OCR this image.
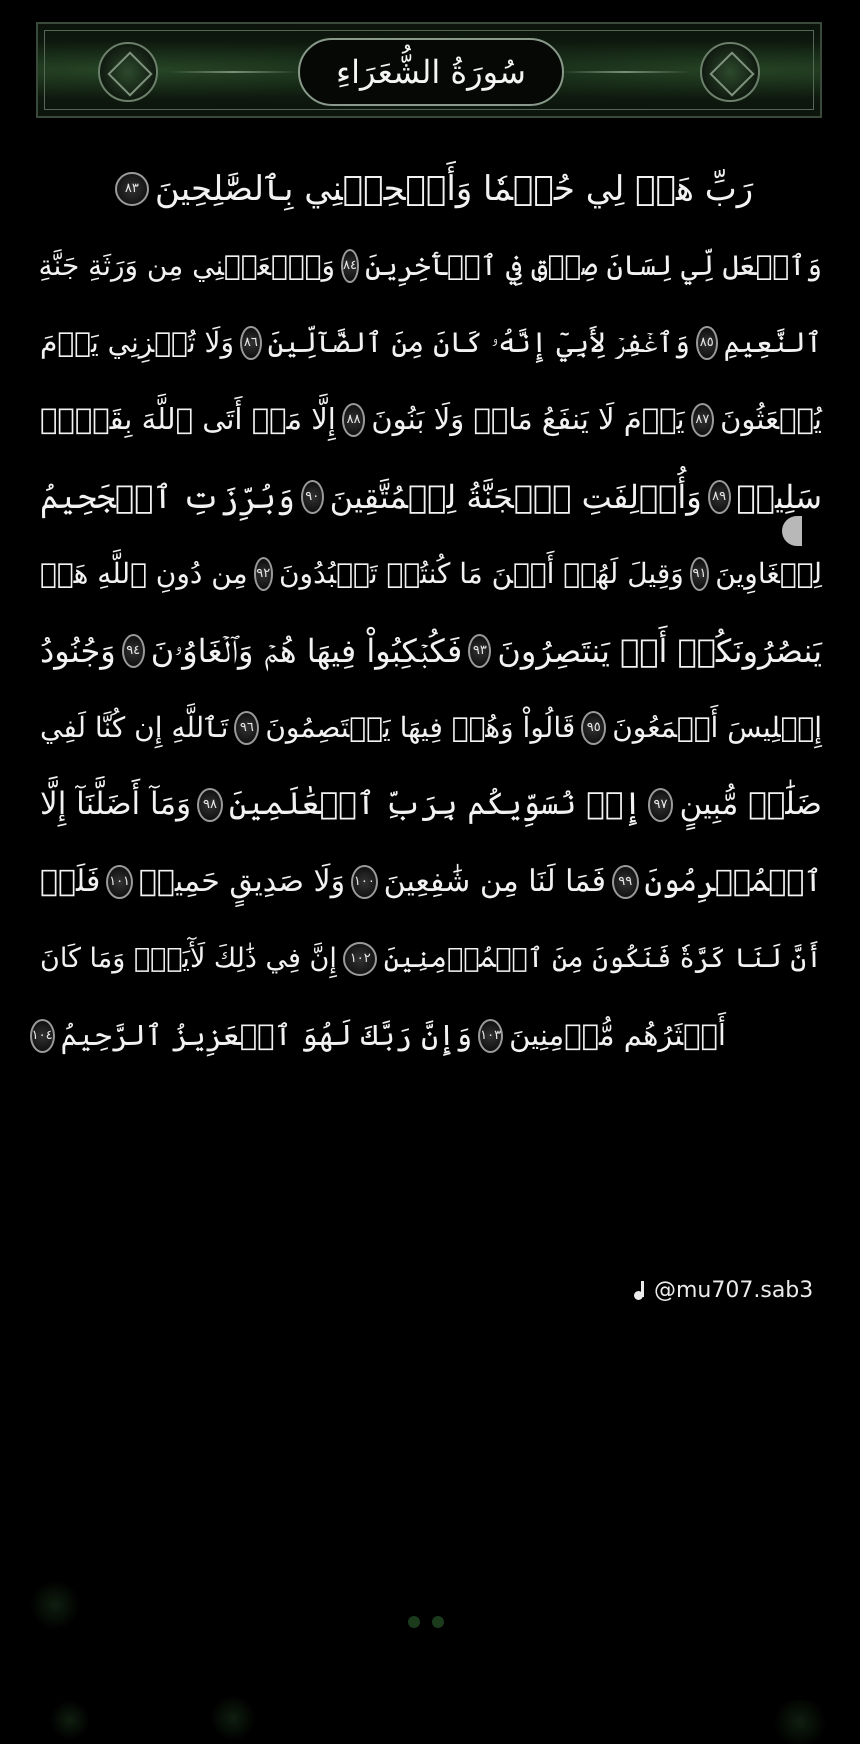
سُورَةُ الشُّعَرَاءِ
رَبِّ هَبۡ لِي حُكۡمٗا وَأَلۡحِقۡنِي بِٱلصَّٰلِحِينَ
٨٣
وَٱجۡعَل لِّي لِسَانَ صِدۡقٖ فِي ٱلۡأٓخِرِينَ
٨٤
وَٱجۡعَلۡنِي مِن وَرَثَةِ جَنَّةِ
ٱلنَّعِيمِ
٨٥
وَٱغۡفِرۡ لِأَبِيٓ إِنَّهُۥ كَانَ مِنَ ٱلضَّآلِّينَ
٨٦
وَلَا تُخۡزِنِي يَوۡمَ
يُبۡعَثُونَ
٨٧
يَوۡمَ لَا يَنفَعُ مَالٞ وَلَا بَنُونَ
٨٨
إِلَّا مَنۡ أَتَى ٱللَّهَ بِقَلۡبٖ
سَلِيمٖ
٨٩
وَأُزۡلِفَتِ ٱلۡجَنَّةُ لِلۡمُتَّقِينَ
٩٠
وَبُرِّزَتِ ٱلۡجَحِيمُ
لِلۡغَاوِينَ
٩١
وَقِيلَ لَهُمۡ أَيۡنَ مَا كُنتُمۡ تَعۡبُدُونَ
٩٢
مِن دُونِ ٱللَّهِ هَلۡ
يَنصُرُونَكُمۡ أَوۡ يَنتَصِرُونَ
٩٣
فَكُبۡكِبُواْ فِيهَا هُمۡ وَٱلۡغَاوُۥنَ
٩٤
وَجُنُودُ
إِبۡلِيسَ أَجۡمَعُونَ
٩٥
قَالُواْ وَهُمۡ فِيهَا يَخۡتَصِمُونَ
٩٦
تَٱللَّهِ إِن كُنَّا لَفِي
ضَلَٰلٖ مُّبِينٍ
٩٧
إِذۡ نُسَوِّيكُم بِرَبِّ ٱلۡعَٰلَمِينَ
٩٨
وَمَآ أَضَلَّنَآ إِلَّا
ٱلۡمُجۡرِمُونَ
٩٩
فَمَا لَنَا مِن شَٰفِعِينَ
١٠٠
وَلَا صَدِيقٍ حَمِيمٖ
١٠١
فَلَوۡ
أَنَّ لَنَا كَرَّةٗ فَنَكُونَ مِنَ ٱلۡمُؤۡمِنِينَ
١٠٢
إِنَّ فِي ذَٰلِكَ لَأٓيَةٗۖ وَمَا كَانَ
أَكۡثَرُهُم مُّؤۡمِنِينَ
١٠٣
وَإِنَّ رَبَّكَ لَهُوَ ٱلۡعَزِيزُ ٱلرَّحِيمُ
١٠٤
@mu707.sab3
